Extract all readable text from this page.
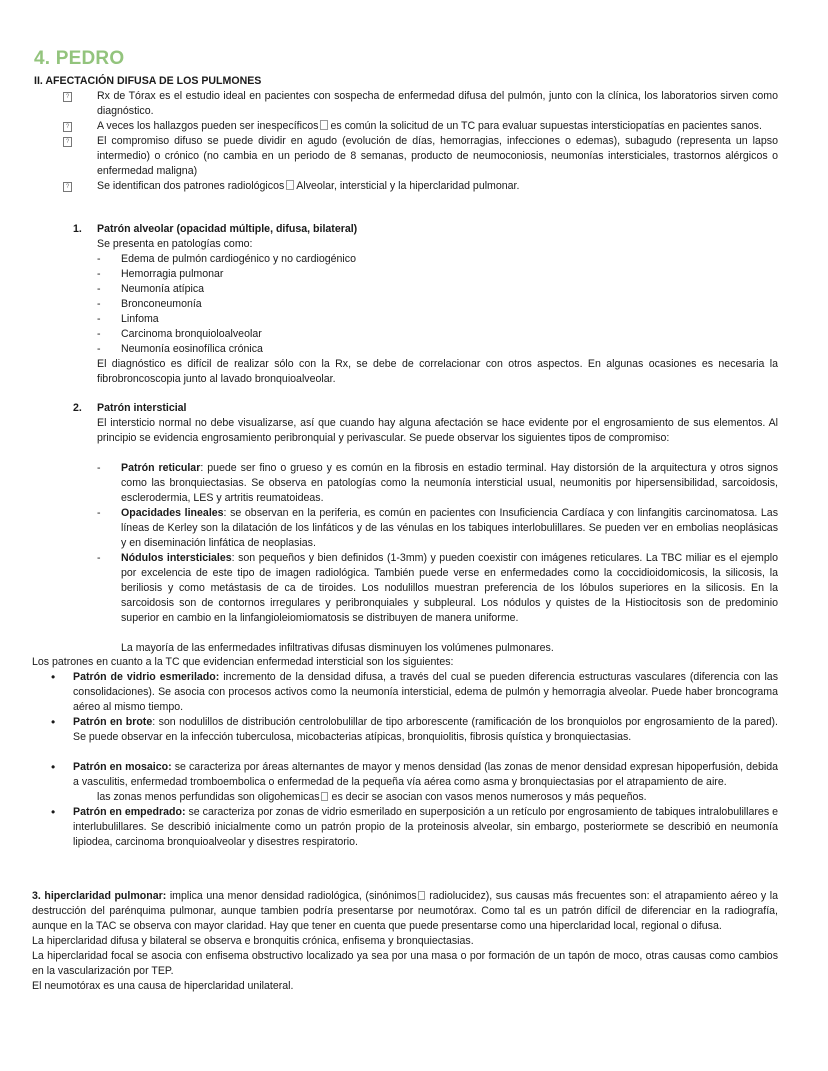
4. PEDRO
II. AFECTACIÓN DIFUSA DE LOS PULMONES
?	Rx de Tórax es el estudio ideal en pacientes con sospecha de enfermedad difusa del pulmón, junto con la clínica, los laboratorios sirven como diagnóstico.
?	A veces los hallazgos pueden ser inespecíficos es común la solicitud de un TC para evaluar supuestas intersticiopatías en pacientes sanos.
?	El compromiso difuso se puede dividir en agudo (evolución de días, hemorragias, infecciones o edemas), subagudo (representa un lapso intermedio) o crónico (no cambia en un periodo de 8 semanas, producto de neumoconiosis, neumonías intersticiales, trastornos alérgicos o enfermedad maligna)
?	Se identifican dos patrones radiológicos Alveolar, intersticial y la hiperclaridad pulmonar.
1. Patrón alveolar (opacidad múltiple, difusa, bilateral)
Se presenta en patologías como:
- Edema de pulmón cardiogénico y no cardiogénico
- Hemorragia pulmonar
- Neumonía atípica
- Bronconeumonía
- Linfoma
- Carcinoma bronquioloalveolar
- Neumonía eosinofílica crónica
El diagnóstico es difícil de realizar sólo con la Rx, se debe de correlacionar con otros aspectos. En algunas ocasiones es necesaria la fibrobroncoscopia junto al lavado bronquioalveolar.
2. Patrón intersticial
El intersticio normal no debe visualizarse, así que cuando hay alguna afectación se hace evidente por el engrosamiento de sus elementos. Al principio se evidencia engrosamiento peribronquial y perivascular. Se puede observar los siguientes tipos de compromiso:
- Patrón reticular: puede ser fino o grueso y es común en la fibrosis en estadio terminal. Hay distorsión de la arquitectura y otros signos como las bronquiectasias. Se observa en patologías como la neumonía intersticial usual, neumonitis por hipersensibilidad, sarcoidosis, esclerodermia, LES y artritis reumatoideas.
- Opacidades lineales: se observan en la periferia, es común en pacientes con Insuficiencia Cardíaca y con linfangitis carcinomatosa. Las líneas de Kerley son la dilatación de los linfáticos y de las vénulas en los tabiques interlobulillares. Se pueden ver en embolias neoplásicas y en diseminación linfática de neoplasias.
- Nódulos intersticiales: son pequeños y bien definidos (1-3mm) y pueden coexistir con imágenes reticulares. La TBC miliar es el ejemplo por excelencia de este tipo de imagen radiológica. También puede verse en enfermedades como la coccidioidomicosis, la silicosis, la beriliosis y como metástasis de ca de tiroides. Los nodulillos muestran preferencia de los lóbulos superiores en la silicosis. En la sarcoidosis son de contornos irregulares y peribronquiales y subpleural. Los nódulos y quistes de la Histiocitosis son de predominio superior en cambio en la linfangioleiomiomatosis se distribuyen de manera uniforme.
La mayoría de las enfermedades infiltrativas difusas disminuyen los volúmenes pulmonares.
Los patrones en cuanto a la TC que evidencian enfermedad intersticial son los siguientes:
• Patrón de vidrio esmerilado: incremento de la densidad difusa, a través del cual se pueden diferencia estructuras vasculares (diferencia con las consolidaciones). Se asocia con procesos activos como la neumonía intersticial, edema de pulmón y hemorragia alveolar. Puede haber broncograma aéreo al mismo tiempo.
• Patrón en brote: son nodulillos de distribución centrolobulillar de tipo arborescente (ramificación de los bronquiolos por engrosamiento de la pared). Se puede observar en la infección tuberculosa, micobacterias atípicas, bronquiolitis, fibrosis quística y bronquiectasias.
• Patrón en mosaico: se caracteriza por áreas alternantes de mayor y menos densidad (las zonas de menor densidad expresan hipoperfusión, debida a vasculitis, enfermedad tromboembolica o enfermedad de la pequeña vía aérea como asma y bronquiectasias por el atrapamiento de aire.
las zonas menos perfundidas son oligohemicas es decir se asocian con vasos menos numerosos y más pequeños.
• Patrón en empedrado: se caracteriza por zonas de vidrio esmerilado en superposición a un retículo por engrosamiento de tabiques intralobulillares e interlubulillares. Se describió inicialmente como un patrón propio de la proteinosis alveolar, sin embargo, posteriormete se describió en neumonía lipiodea, carcinoma bronquioalveolar y disestres respiratorio.
3. hiperclaridad pulmonar: implica una menor densidad radiológica, (sinónimos radiolucidez), sus causas más frecuentes son: el atrapamiento aéreo y la destrucción del parénquima pulmonar, aunque tambien podría presentarse por neumotórax. Como tal es un patrón difícil de diferenciar en la radiografía, aunque en la TAC se observa con mayor claridad. Hay que tener en cuenta que puede presentarse como una hiperclaridad local, regional o difusa.
La hiperclaridad difusa y bilateral se observa e bronquitis crónica, enfisema y bronquiectasias.
La hiperclaridad focal se asocia con enfisema obstructivo localizado ya sea por una masa o por formación de un tapón de moco, otras causas como cambios en la vascularización por TEP.
El neumotórax es una causa de hiperclaridad unilateral.
